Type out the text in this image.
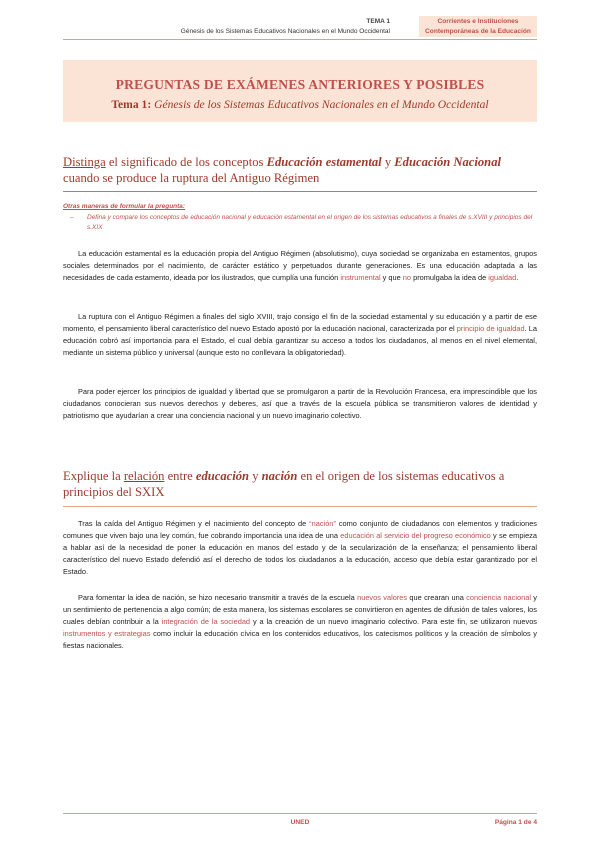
TEMA 1
Génesis de los Sistemas Educativos Nacionales en el Mundo Occidental
Corrientes e Instituciones
Contemporáneas de la Educación
PREGUNTAS DE EXÁMENES ANTERIORES Y POSIBLES
Tema 1: Génesis de los Sistemas Educativos Nacionales en el Mundo Occidental
Distinga el significado de los conceptos Educación estamental y Educación Nacional cuando se produce la ruptura del Antiguo Régimen
Otras maneras de formular la pregunta:
– Defina y compare los conceptos de educación nacional y educación estamental en el origen de los sistemas educativos a finales de s.XVIII y principios del s.XIX
La educación estamental es la educación propia del Antiguo Régimen (absolutismo), cuya sociedad se organizaba en estamentos, grupos sociales determinados por el nacimiento, de carácter estático y perpetuados durante generaciones. Es una educación adaptada a las necesidades de cada estamento, ideada por los ilustrados, que cumplía una función instrumental y que no promulgaba la idea de igualdad.
La ruptura con el Antiguo Régimen a finales del siglo XVIII, trajo consigo el fin de la sociedad estamental y su educación y a partir de ese momento, el pensamiento liberal característico del nuevo Estado apostó por la educación nacional, caracterizada por el principio de igualdad. La educación cobró así importancia para el Estado, el cual debía garantizar su acceso a todos los ciudadanos, al menos en el nivel elemental, mediante un sistema público y universal (aunque esto no conllevara la obligatoriedad).
Para poder ejercer los principios de igualdad y libertad que se promulgaron a partir de la Revolución Francesa, era imprescindible que los ciudadanos conocieran sus nuevos derechos y deberes, así que a través de la escuela pública se transmitieron valores de identidad y patriotismo que ayudarían a crear una conciencia nacional y un nuevo imaginario colectivo.
Explique la relación entre educación y nación en el origen de los sistemas educativos a principios del SXIX
Tras la caída del Antiguo Régimen y el nacimiento del concepto de “nación” como conjunto de ciudadanos con elementos y tradiciones comunes que viven bajo una ley común, fue cobrando importancia una idea de una educación al servicio del progreso económico y se empieza a hablar así de la necesidad de poner la educación en manos del estado y de la secularización de la enseñanza; el pensamiento liberal característico del nuevo Estado defendió así el derecho de todos los ciudadanos a la educación, acceso que debía estar garantizado por el Estado.
Para fomentar la idea de nación, se hizo necesario transmitir a través de la escuela nuevos valores que crearan una conciencia nacional y un sentimiento de pertenencia a algo común; de esta manera, los sistemas escolares se convirtieron en agentes de difusión de tales valores, los cuales debían contribuir a la integración de la sociedad y a la creación de un nuevo imaginario colectivo. Para este fin, se utilizaron nuevos instrumentos y estrategias como incluir la educación cívica en los contenidos educativos, los catecismos políticos y la creación de símbolos y fiestas nacionales.
UNED	Página 1 de 4
